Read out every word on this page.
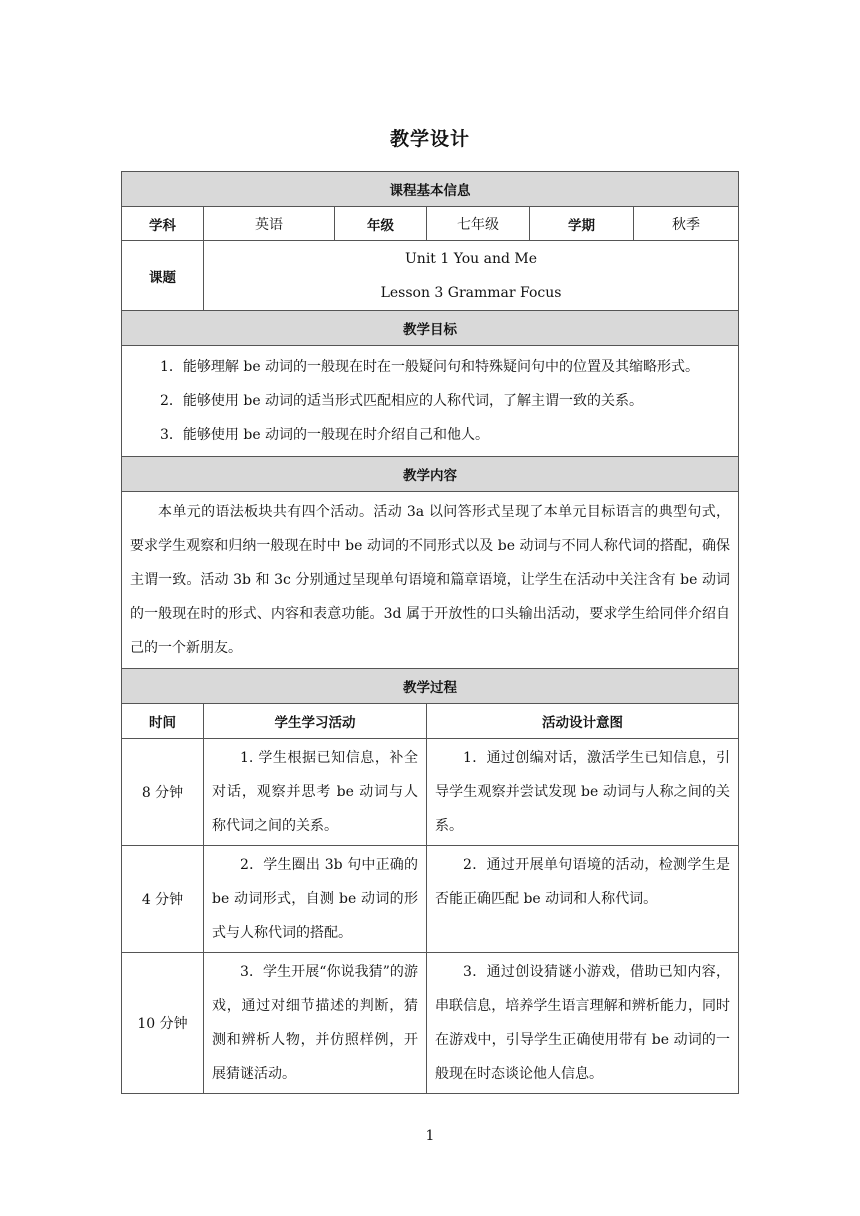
教学设计
课程基本信息					
学科	英语	年级	七年级	学期	秋季
课题	Unit 1 You and Me
Lesson 3 Grammar Focus				

教学目标					

1．能够理解 be 动词的一般现在时在一般疑问句和特殊疑问句中的位置及其缩略形式。
2．能够使用 be 动词的适当形式匹配相应的人称代词，了解主谓一致的关系。
3．能够使用 be 动词的一般现在时介绍自己和他人。					

教学内容					
本单元的语法板块共有四个活动。活动 3a 以问答形式呈现了本单元目标语言的典型句式，要求学生观察和归纳一般现在时中 be 动词的不同形式以及 be 动词与不同人称代词的搭配，确保主谓一致。活动 3b 和 3c 分别通过呈现单句语境和篇章语境，让学生在活动中关注含有 be 动词的一般现在时的形式、内容和表意功能。3d 属于开放性的口头输出活动，要求学生给同伴介绍自己的一个新朋友。					
教学过程					
时间	学生学习活动		活动设计意图		
8 分钟	1. 学生根据已知信息，补全对话，观察并思考 be 动词与人称代词之间的关系。		1．通过创编对话，激活学生已知信息，引导学生观察并尝试发现 be 动词与人称之间的关系。		
4 分钟	2．学生圈出 3b 句中正确的 be 动词形式，自测 be 动词的形式与人称代词的搭配。		2．通过开展单句语境的活动，检测学生是否能正确匹配 be 动词和人称代词。		
10 分钟	3．学生开展“你说我猜”的游戏，通过对细节描述的判断，猜测和辨析人物，并仿照样例，开展猜谜活动。		3．通过创设猜谜小游戏，借助已知内容，串联信息，培养学生语言理解和辨析能力，同时在游戏中，引导学生正确使用带有 be 动词的一般现在时态谈论他人信息。		
1
